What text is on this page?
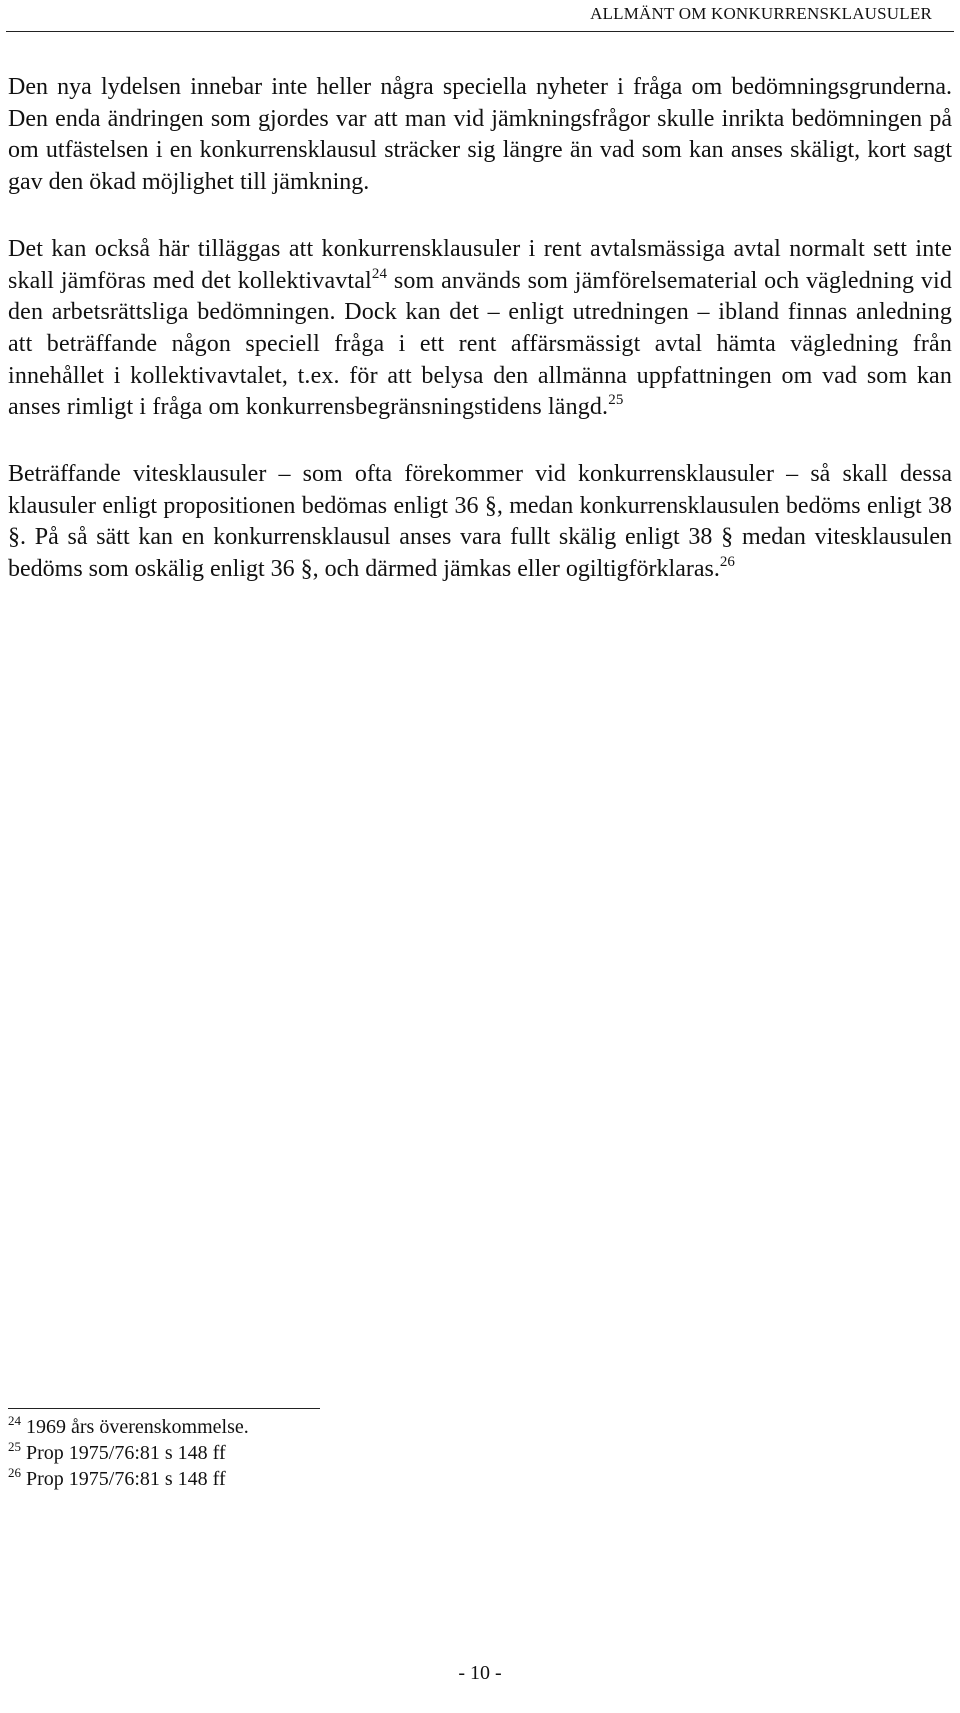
ALLMÄNT OM KONKURRENSKLAUSULER

Den nya lydelsen innebar inte heller några speciella nyheter i fråga om bedömningsgrunderna. Den enda ändringen som gjordes var att man vid jämkningsfrågor skulle inrikta bedömningen på om utfästelsen i en konkurrensklausul sträcker sig längre än vad som kan anses skäligt, kort sagt gav den ökad möjlighet till jämkning.

Det kan också här tilläggas att konkurrensklausuler i rent avtalsmässiga avtal normalt sett inte skall jämföras med det kollektivavtal$^{24}$ som används som jämförelsematerial och vägledning vid den arbetsrättsliga bedömningen. Dock kan det – enligt utredningen – ibland finnas anledning att beträffande någon speciell fråga i ett rent affärsmässigt avtal hämta vägledning från innehållet i kollektivavtalet, t.ex. för att belysa den allmänna uppfattningen om vad som kan anses rimligt i fråga om konkurrensbegränsningstidens längd.$^{25}$

Beträffande vitesklausuler – som ofta förekommer vid konkurrensklausuler – så skall dessa klausuler enligt propositionen bedömas enligt 36 §, medan konkurrensklausulen bedöms enligt 38 §. På så sätt kan en konkurrensklausul anses vara fullt skälig enligt 38 § medan vitesklausulen bedöms som oskälig enligt 36 §, och därmed jämkas eller ogiltigförklaras.$^{26}$

$^{24}$ 1969 års överenskommelse.
$^{25}$ Prop 1975/76:81 s 148 ff
$^{26}$ Prop 1975/76:81 s 148 ff
- 10 -
